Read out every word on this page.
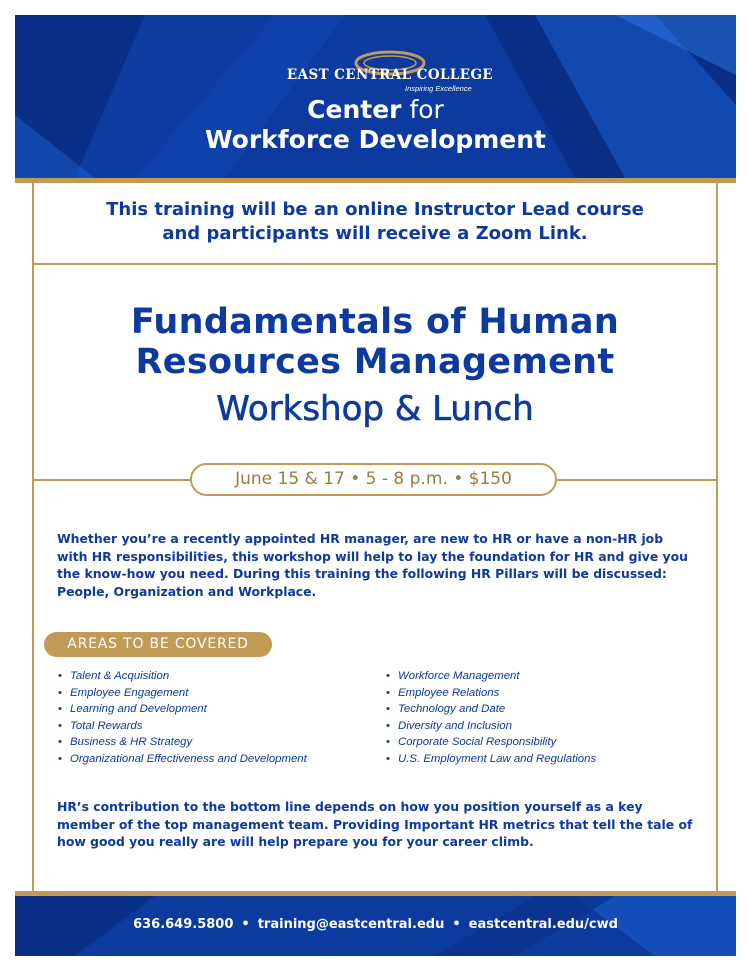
EAST CENTRAL COLLEGE
Inspiring Excellence
Center for
Workforce Development
This training will be an online Instructor Lead course
and participants will receive a Zoom Link.
Fundamentals of Human
Resources Management
Workshop & Lunch
June 15 & 17 • 5 - 8 p.m. • $150
Whether you’re a recently appointed HR manager, are new to HR or have a non-HR job with HR responsibilities, this workshop will help to lay the foundation for HR and give you the know-how you need. During this training the following HR Pillars will be discussed: People, Organization and Workplace.
AREAS TO BE COVERED
• Talent & Acquisition
• Employee Engagement
• Learning and Development
• Total Rewards
• Business & HR Strategy
• Organizational Effectiveness and Development
• Workforce Management
• Employee Relations
• Technology and Date
• Diversity and Inclusion
• Corporate Social Responsibility
• U.S. Employment Law and Regulations
HR’s contribution to the bottom line depends on how you position yourself as a key member of the top management team. Providing Important HR metrics that tell the tale of how good you really are will help prepare you for your career climb.
636.649.5800 • training@eastcentral.edu • eastcentral.edu/cwd
